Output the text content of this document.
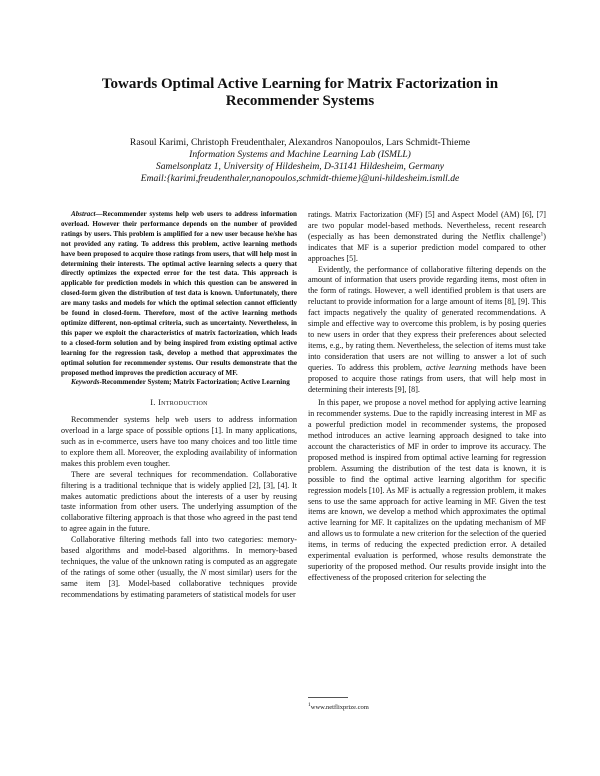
Towards Optimal Active Learning for Matrix Factorization in Recommender Systems
Rasoul Karimi, Christoph Freudenthaler, Alexandros Nanopoulos, Lars Schmidt-Thieme
Information Systems and Machine Learning Lab (ISMLL)
Samelsonplatz 1, University of Hildesheim, D-31141 Hildesheim, Germany
Email:{karimi,freudenthaler,nanopoulos,schmidt-thieme}@uni-hildesheim.ismll.de

Abstract—Recommender systems help web users to address information overload. However their performance depends on the number of provided ratings by users. This problem is amplified for a new user because he/she has not provided any rating. To address this problem, active learning methods have been proposed to acquire those ratings from users, that will help most in determining their interests. The optimal active learning selects a query that directly optimizes the expected error for the test data. This approach is applicable for prediction models in which this question can be answered in closed-form given the distribution of test data is known. Unfortunately, there are many tasks and models for which the optimal selection cannot efficiently be found in closed-form. Therefore, most of the active learning methods optimize different, non-optimal criteria, such as uncertainty. Nevertheless, in this paper we exploit the characteristics of matrix factorization, which leads to a closed-form solution and by being inspired from existing optimal active learning for the regression task, develop a method that approximates the optimal solution for recommender systems. Our results demonstrate that the proposed method improves the prediction accuracy of MF.

Keywords-Recommender System; Matrix Factorization; Active Learning

I. Introduction

Recommender systems help web users to address information overload in a large space of possible options [1]. In many applications, such as in e-commerce, users have too many choices and too little time to explore them all. Moreover, the exploding availability of information makes this problem even tougher.

There are several techniques for recommendation. Collaborative filtering is a traditional technique that is widely applied [2], [3], [4]. It makes automatic predictions about the interests of a user by reusing taste information from other users. The underlying assumption of the collaborative filtering approach is that those who agreed in the past tend to agree again in the future.

Collaborative filtering methods fall into two categories: memory-based algorithms and model-based algorithms. In memory-based techniques, the value of the unknown rating is computed as an aggregate of the ratings of some other (usually, the N most similar) users for the same item [3]. Model-based collaborative techniques provide recommendations by estimating parameters of statistical models for user

ratings. Matrix Factorization (MF) [5] and Aspect Model (AM) [6], [7] are two popular model-based methods. Nevertheless, recent research (especially as has been demonstrated during the Netflix challenge$^1$) indicates that MF is a superior prediction model compared to other approaches [5].

Evidently, the performance of collaborative filtering depends on the amount of information that users provide regarding items, most often in the form of ratings. However, a well identified problem is that users are reluctant to provide information for a large amount of items [8], [9]. This fact impacts negatively the quality of generated recommendations. A simple and effective way to overcome this problem, is by posing queries to new users in order that they express their preferences about selected items, e.g., by rating them. Nevertheless, the selection of items must take into consideration that users are not willing to answer a lot of such queries. To address this problem, active learning methods have been proposed to acquire those ratings from users, that will help most in determining their interests [9], [8].

In this paper, we propose a novel method for applying active learning in recommender systems. Due to the rapidly increasing interest in MF as a powerful prediction model in recommender systems, the proposed method introduces an active learning approach designed to take into account the characteristics of MF in order to improve its accuracy. The proposed method is inspired from optimal active learning for regression problem. Assuming the distribution of the test data is known, it is possible to find the optimal active learning algorithm for specific regression models [10]. As MF is actually a regression problem, it makes sens to use the same approach for active learning in MF. Given the test items are known, we develop a method which approximates the optimal active learning for MF. It capitalizes on the updating mechanism of MF and allows us to formulate a new criterion for the selection of the queried items, in terms of reducing the expected prediction error. A detailed experimental evaluation is performed, whose results demonstrate the superiority of the proposed method. Our results provide insight into the effectiveness of the proposed criterion for selecting the

$^1$www.netflixprize.com
